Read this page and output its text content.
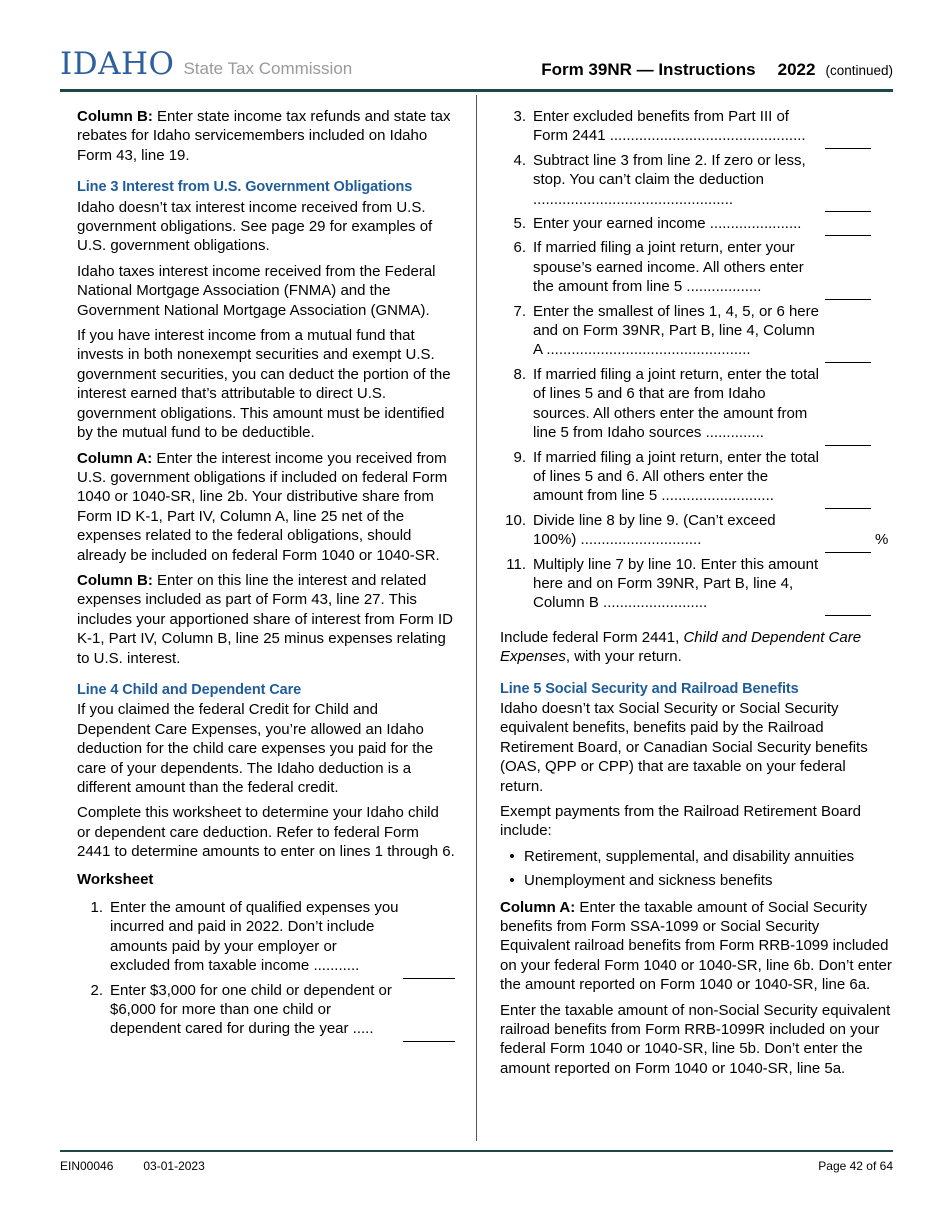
IDAHO State Tax Commission	Form 39NR — Instructions 2022 (continued)

Column B: Enter state income tax refunds and state tax rebates for Idaho servicemembers included on Idaho Form 43, line 19.

Line 3 Interest from U.S. Government Obligations

Idaho doesn’t tax interest income received from U.S. government obligations. See page 29 for examples of U.S. government obligations.

Idaho taxes interest income received from the Federal National Mortgage Association (FNMA) and the Government National Mortgage Association (GNMA).

If you have interest income from a mutual fund that invests in both nonexempt securities and exempt U.S. government securities, you can deduct the portion of the interest earned that’s attributable to direct U.S. government obligations. This amount must be identified by the mutual fund to be deductible.

Column A: Enter the interest income you received from U.S. government obligations if included on federal Form 1040 or 1040-SR, line 2b. Your distributive share from Form ID K-1, Part IV, Column A, line 25 net of the expenses related to the federal obligations, should already be included on federal Form 1040 or 1040-SR.

Column B: Enter on this line the interest and related expenses included as part of Form 43, line 27. This includes your apportioned share of interest from Form ID K-1, Part IV, Column B, line 25 minus expenses relating to U.S. interest.

Line 4 Child and Dependent Care

If you claimed the federal Credit for Child and Dependent Care Expenses, you’re allowed an Idaho deduction for the child care expenses you paid for the care of your dependents. The Idaho deduction is a different amount than the federal credit.

Complete this worksheet to determine your Idaho child or dependent care deduction. Refer to federal Form 2441 to determine amounts to enter on lines 1 through 6.

Worksheet
1. Enter the amount of qualified expenses you incurred and paid in 2022. Don’t include amounts paid by your employer or excluded from taxable income ...........
2. Enter $3,000 for one child or dependent or $6,000 for more than one child or dependent cared for during the year .....
3. Enter excluded benefits from Part III of Form 2441 ...............................................
4. Subtract line 3 from line 2. If zero or less, stop. You can’t claim the deduction ................................................
5. Enter your earned income ......................
6. If married filing a joint return, enter your spouse’s earned income. All others enter the amount from line 5 ..................
7. Enter the smallest of lines 1, 4, 5, or 6 here and on Form 39NR, Part B, line 4, Column A .................................................
8. If married filing a joint return, enter the total of lines 5 and 6 that are from Idaho sources. All others enter the amount from line 5 from Idaho sources ..............
9. If married filing a joint return, enter the total of lines 5 and 6. All others enter the amount from line 5 ...........................
10. Divide line 8 by line 9. (Can’t exceed 100%) .............................	%
11. Multiply line 7 by line 10. Enter this amount here and on Form 39NR, Part B, line 4, Column B .........................

Include federal Form 2441, Child and Dependent Care Expenses, with your return.

Line 5 Social Security and Railroad Benefits

Idaho doesn’t tax Social Security or Social Security equivalent benefits, benefits paid by the Railroad Retirement Board, or Canadian Social Security benefits (OAS, QPP or CPP) that are taxable on your federal return.

Exempt payments from the Railroad Retirement Board include:

• Retirement, supplemental, and disability annuities
• Unemployment and sickness benefits

Column A: Enter the taxable amount of Social Security benefits from Form SSA-1099 or Social Security Equivalent railroad benefits from Form RRB-1099 included on your federal Form 1040 or 1040-SR, line 6b. Don’t enter the amount reported on Form 1040 or 1040-SR, line 6a.

Enter the taxable amount of non-Social Security equivalent railroad benefits from Form RRB-1099R included on your federal Form 1040 or 1040-SR, line 5b. Don’t enter the amount reported on Form 1040 or 1040-SR, line 5a.

EIN00046	03-01-2023	Page 42 of 64
